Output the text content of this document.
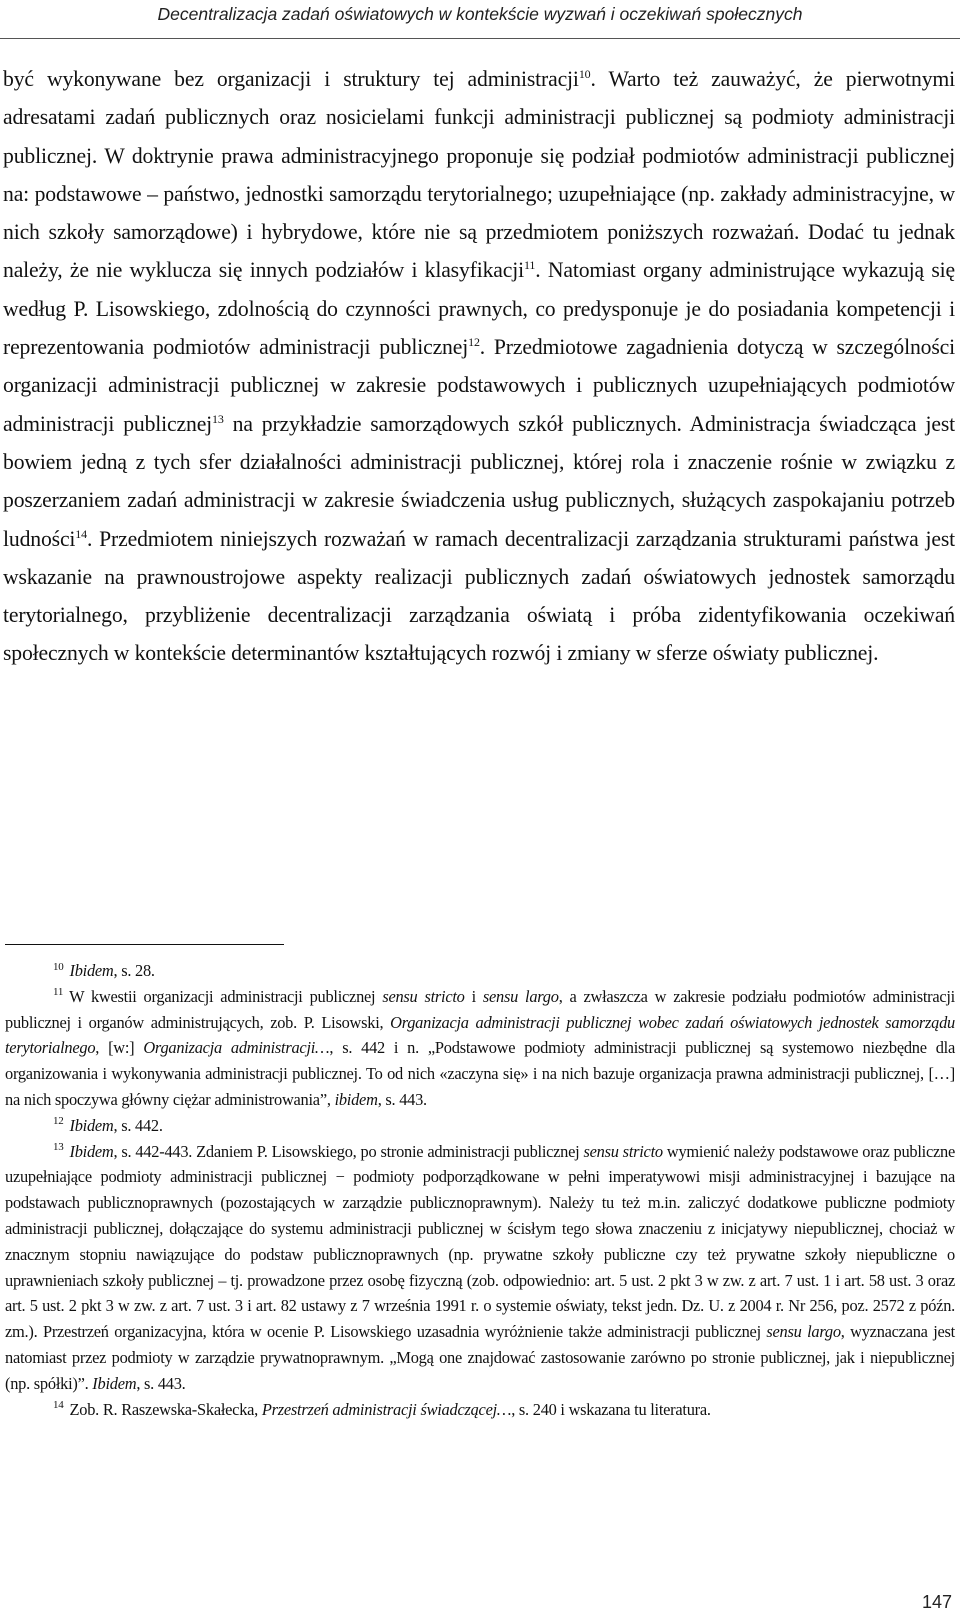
Decentralizacja zadań oświatowych w kontekście wyzwań i oczekiwań społecznych

być wykonywane bez organizacji i struktury tej administracji$^{10}$. Warto też zauważyć, że pierwotnymi adresatami zadań publicznych oraz nosicielami funkcji administracji publicznej są podmioty administracji publicznej. W doktrynie prawa administracyjnego proponuje się podział podmiotów administracji publicznej na: podstawowe – państwo, jednostki samorządu terytorialnego; uzupełniające (np. zakłady administracyjne, w nich szkoły samorządowe) i hybrydowe, które nie są przedmiotem poniższych rozważań. Dodać tu jednak należy, że nie wyklucza się innych podziałów i klasyfikacji$^{11}$. Natomiast organy administrujące wykazują się według P. Lisowskiego, zdolnością do czynności prawnych, co predysponuje je do posiadania kompetencji i reprezentowania podmiotów administracji publicznej$^{12}$. Przedmiotowe zagadnienia dotyczą w szczególności organizacji administracji publicznej w zakresie podstawowych i publicznych uzupełniających podmiotów administracji publicznej$^{13}$ na przykładzie samorządowych szkół publicznych. Administracja świadcząca jest bowiem jedną z tych sfer działalności administracji publicznej, której rola i znaczenie rośnie w związku z poszerzaniem zadań administracji w zakresie świadczenia usług publicznych, służących zaspokajaniu potrzeb ludności$^{14}$. Przedmiotem niniejszych rozważań w ramach decentralizacji zarządzania strukturami państwa jest wskazanie na prawnoustrojowe aspekty realizacji publicznych zadań oświatowych jednostek samorządu terytorialnego, przybliżenie decentralizacji zarządzania oświatą i próba zidentyfikowania oczekiwań społecznych w kontekście determinantów kształtujących rozwój i zmiany w sferze oświaty publicznej.

$^{10}$ Ibidem, s. 28.

$^{11}$ W kwestii organizacji administracji publicznej sensu stricto i sensu largo, a zwłaszcza w zakresie podziału podmiotów administracji publicznej i organów administrujących, zob. P. Lisowski, Organizacja administracji publicznej wobec zadań oświatowych jednostek samorządu terytorialnego, [w:] Organizacja administracji…, s. 442 i n. „Podstawowe podmioty administracji publicznej są systemowo niezbędne dla organizowania i wykonywania administracji publicznej. To od nich «zaczyna się» i na nich bazuje organizacja prawna administracji publicznej, […] na nich spoczywa główny ciężar administrowania”, ibidem, s. 443.

$^{12}$ Ibidem, s. 442.

$^{13}$ Ibidem, s. 442-443. Zdaniem P. Lisowskiego, po stronie administracji publicznej sensu stricto wymienić należy podstawowe oraz publiczne uzupełniające podmioty administracji publicznej − podmioty podporządkowane w pełni imperatywowi misji administracyjnej i bazujące na podstawach publicznoprawnych (pozostających w zarządzie publicznoprawnym). Należy tu też m.in. zaliczyć dodatkowe publiczne podmioty administracji publicznej, dołączające do systemu administracji publicznej w ścisłym tego słowa znaczeniu z inicjatywy niepublicznej, chociaż w znacznym stopniu nawiązujące do podstaw publicznoprawnych (np. prywatne szkoły publiczne czy też prywatne szkoły niepubliczne o uprawnieniach szkoły publicznej – tj. prowadzone przez osobę fizyczną (zob. odpowiednio: art. 5 ust. 2 pkt 3 w zw. z art. 7 ust. 1 i art. 58 ust. 3 oraz art. 5 ust. 2 pkt 3 w zw. z art. 7 ust. 3 i art. 82 ustawy z 7 września 1991 r. o systemie oświaty, tekst jedn. Dz. U. z 2004 r. Nr 256, poz. 2572 z późn. zm.). Przestrzeń organizacyjna, która w ocenie P. Lisowskiego uzasadnia wyróżnienie także administracji publicznej sensu largo, wyznaczana jest natomiast przez podmioty w zarządzie prywatnoprawnym. „Mogą one znajdować zastosowanie zarówno po stronie publicznej, jak i niepublicznej (np. spółki)”. Ibidem, s. 443.

$^{14}$ Zob. R. Raszewska-Skałecka, Przestrzeń administracji świadczącej…, s. 240 i wskazana tu literatura.

147
